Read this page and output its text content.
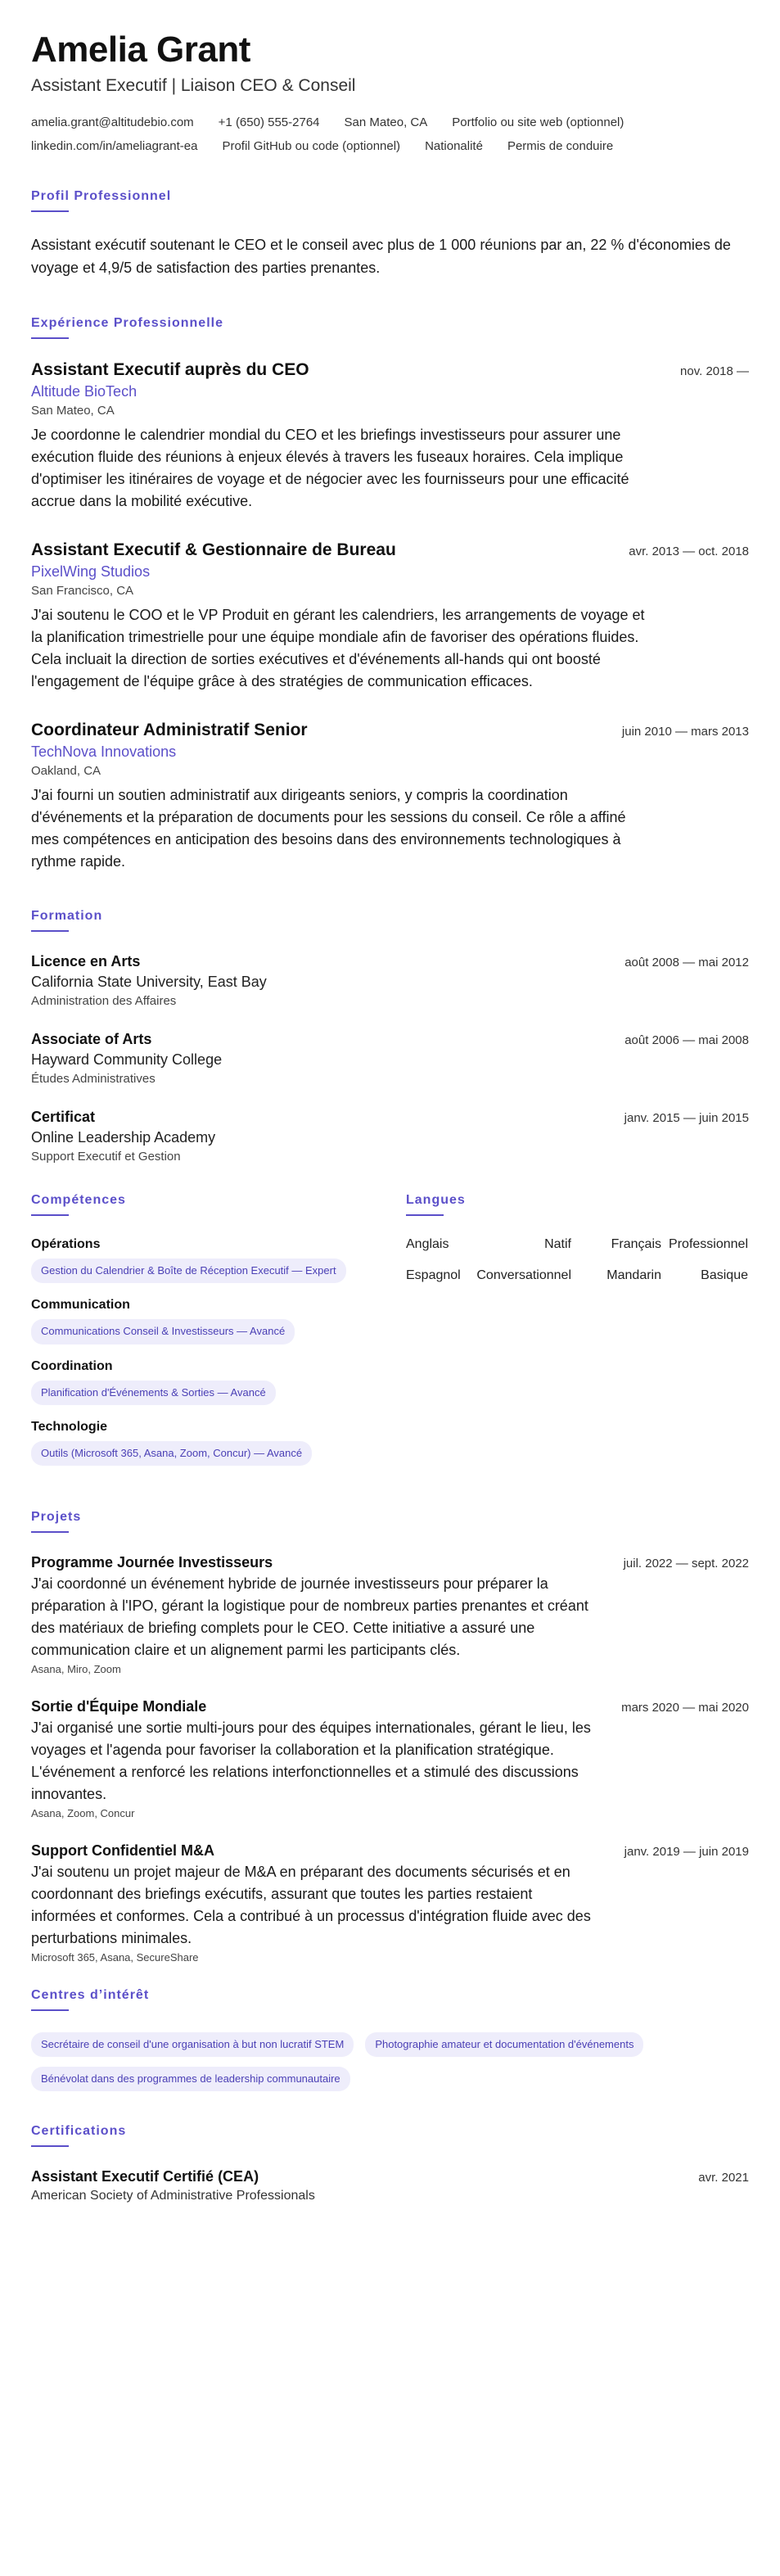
Amelia Grant
Assistant Executif | Liaison CEO & Conseil
amelia.grant@altitudebio.com +1 (650) 555-2764 San Mateo, CA Portfolio ou site web (optionnel)
linkedin.com/in/ameliagrant-ea Profil GitHub ou code (optionnel) Nationalité Permis de conduire
Profil Professionnel
Assistant exécutif soutenant le CEO et le conseil avec plus de 1 000 réunions par an, 22 % d'économies de voyage et 4,9/5 de satisfaction des parties prenantes.
Expérience Professionnelle
Assistant Executif auprès du CEO	nov. 2018 —
Altitude BioTech
San Mateo, CA
Je coordonne le calendrier mondial du CEO et les briefings investisseurs pour assurer une exécution fluide des réunions à enjeux élevés à travers les fuseaux horaires. Cela implique d'optimiser les itinéraires de voyage et de négocier avec les fournisseurs pour une efficacité accrue dans la mobilité exécutive.
Assistant Executif & Gestionnaire de Bureau	avr. 2013 — oct. 2018
PixelWing Studios
San Francisco, CA
J'ai soutenu le COO et le VP Produit en gérant les calendriers, les arrangements de voyage et la planification trimestrielle pour une équipe mondiale afin de favoriser des opérations fluides. Cela incluait la direction de sorties exécutives et d'événements all-hands qui ont boosté l'engagement de l'équipe grâce à des stratégies de communication efficaces.
Coordinateur Administratif Senior	juin 2010 — mars 2013
TechNova Innovations
Oakland, CA
J'ai fourni un soutien administratif aux dirigeants seniors, y compris la coordination d'événements et la préparation de documents pour les sessions du conseil. Ce rôle a affiné mes compétences en anticipation des besoins dans des environnements technologiques à rythme rapide.
Formation
Licence en Arts	août 2008 — mai 2012
California State University, East Bay
Administration des Affaires
Associate of Arts	août 2006 — mai 2008
Hayward Community College
Études Administratives
Certificat	janv. 2015 — juin 2015
Online Leadership Academy
Support Executif et Gestion
Compétences
Opérations
Gestion du Calendrier & Boîte de Réception Executif — Expert
Communication
Communications Conseil & Investisseurs — Avancé
Coordination
Planification d'Événements & Sorties — Avancé
Technologie
Outils (Microsoft 365, Asana, Zoom, Concur) — Avancé
Langues
Anglais	Natif	Français Professionnel
Espagnol	Conversationnel	Mandarin	Basique
Projets
Programme Journée Investisseurs	juil. 2022 — sept. 2022
J'ai coordonné un événement hybride de journée investisseurs pour préparer la préparation à l'IPO, gérant la logistique pour de nombreux parties prenantes et créant des matériaux de briefing complets pour le CEO. Cette initiative a assuré une communication claire et un alignement parmi les participants clés.
Asana, Miro, Zoom
Sortie d'Équipe Mondiale	mars 2020 — mai 2020
J'ai organisé une sortie multi-jours pour des équipes internationales, gérant le lieu, les voyages et l'agenda pour favoriser la collaboration et la planification stratégique. L'événement a renforcé les relations interfonctionnelles et a stimulé des discussions innovantes.
Asana, Zoom, Concur
Support Confidentiel M&A	janv. 2019 — juin 2019
J'ai soutenu un projet majeur de M&A en préparant des documents sécurisés et en coordonnant des briefings exécutifs, assurant que toutes les parties restaient informées et conformes. Cela a contribué à un processus d'intégration fluide avec des perturbations minimales.
Microsoft 365, Asana, SecureShare
Centres d’intérêt
Secrétaire de conseil d'une organisation à but non lucratif STEM	Photographie amateur et documentation d'événements
Bénévolat dans des programmes de leadership communautaire
Certifications
Assistant Executif Certifié (CEA)	avr. 2021
American Society of Administrative Professionals
